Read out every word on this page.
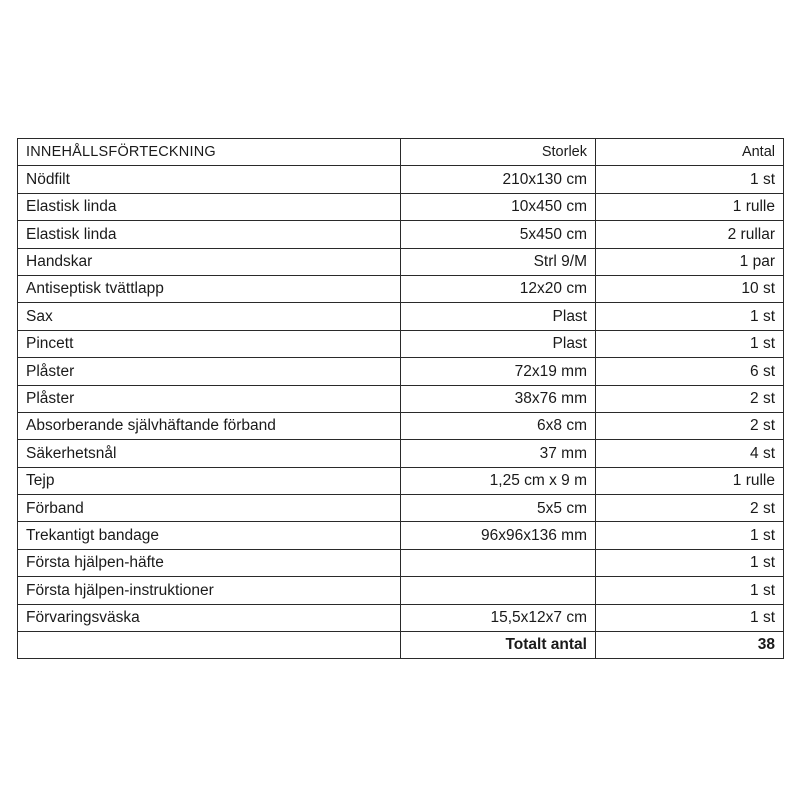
INNEHÅLLSFÖRTECKNING	Storlek	Antal
Nödfilt	210x130 cm	1 st
Elastisk linda	10x450 cm	1 rulle
Elastisk linda	5x450 cm	2 rullar
Handskar	Strl 9/M	1 par
Antiseptisk tvättlapp	12x20 cm	10 st
Sax	Plast	1 st
Pincett	Plast	1 st
Plåster	72x19 mm	6 st
Plåster	38x76 mm	2 st
Absorberande självhäftande förband	6x8 cm	2 st
Säkerhetsnål	37 mm	4 st
Tejp	1,25 cm x 9 m	1 rulle
Förband	5x5 cm	2 st
Trekantigt bandage	96x96x136 mm	1 st
Första hjälpen-häfte		1 st
Första hjälpen-instruktioner		1 st
Förvaringsväska	15,5x12x7 cm	1 st
	Totalt antal	38
